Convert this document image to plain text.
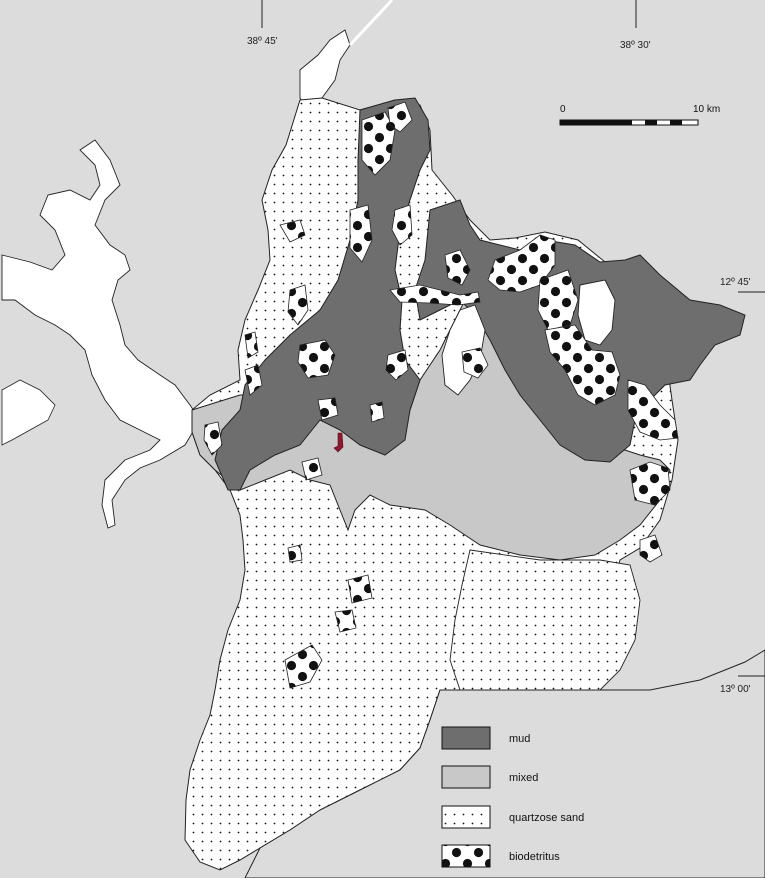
38º 45'	38º 30'
12º 45'
13º 00'
0	10 km
mud
mixed
quartzose sand
biodetritus
